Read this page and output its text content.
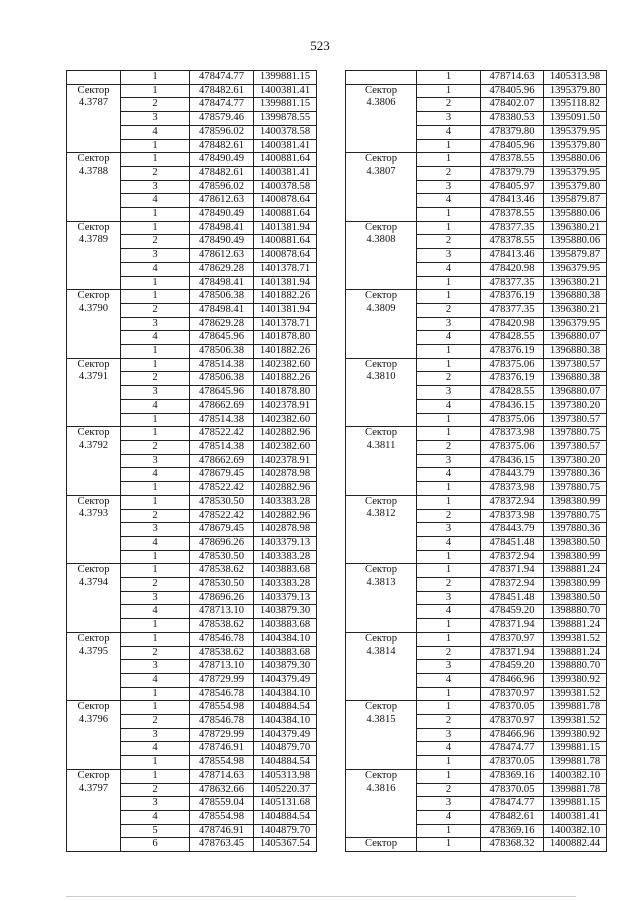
523
	1	478474.77	1399881.15

Сектор
4.3787	1	478482.61	1400381.41
	2	478474.77	1399881.15
	3	478579.46	1399878.55
	4	478596.02	1400378.58
	1	478482.61	1400381.41

Сектор
4.3788	1	478490.49	1400881.64
	2	478482.61	1400381.41
	3	478596.02	1400378.58
	4	478612.63	1400878.64
	1	478490.49	1400881.64

Сектор
4.3789	1	478498.41	1401381.94
	2	478490.49	1400881.64
	3	478612.63	1400878.64
	4	478629.28	1401378.71
	1	478498.41	1401381.94

Сектор
4.3790	1	478506.38	1401882.26
	2	478498.41	1401381.94
	3	478629.28	1401378.71
	4	478645.96	1401878.80
	1	478506.38	1401882.26

Сектор
4.3791	1	478514.38	1402382.60
	2	478506.38	1401882.26
	3	478645.96	1401878.80
	4	478662.69	1402378.91
	1	478514.38	1402382.60

Сектор
4.3792	1	478522.42	1402882.96
	2	478514.38	1402382.60
	3	478662.69	1402378.91
	4	478679.45	1402878.98
	1	478522.42	1402882.96

Сектор
4.3793	1	478530.50	1403383.28
	2	478522.42	1402882.96
	3	478679.45	1402878.98
	4	478696.26	1403379.13
	1	478530.50	1403383.28

Сектор
4.3794	1	478538.62	1403883.68
	2	478530.50	1403383.28
	3	478696.26	1403379.13
	4	478713.10	1403879.30
	1	478538.62	1403883.68

Сектор
4.3795	1	478546.78	1404384.10
	2	478538.62	1403883.68
	3	478713.10	1403879.30
	4	478729.99	1404379.49
	1	478546.78	1404384.10

Сектор
4.3796	1	478554.98	1404884.54
	2	478546.78	1404384.10
	3	478729.99	1404379.49
	4	478746.91	1404879.70
	1	478554.98	1404884.54

Сектор
4.3797	1	478714.63	1405313.98
	2	478632.66	1405220.37
	3	478559.04	1405131.68
	4	478554.98	1404884.54
	5	478746.91	1404879.70
	6	478763.45	1405367.54
	1	478714.63	1405313.98

Сектор
4.3806	1	478405.96	1395379.80
	2	478402.07	1395118.82
	3	478380.53	1395091.50
	4	478379.80	1395379.95
	1	478405.96	1395379.80

Сектор
4.3807	1	478378.55	1395880.06
	2	478379.79	1395379.95
	3	478405.97	1395379.80
	4	478413.46	1395879.87
	1	478378.55	1395880.06

Сектор
4.3808	1	478377.35	1396380.21
	2	478378.55	1395880.06
	3	478413.46	1395879.87
	4	478420.98	1396379.95
	1	478377.35	1396380.21

Сектор
4.3809	1	478376.19	1396880.38
	2	478377.35	1396380.21
	3	478420.98	1396379.95
	4	478428.55	1396880.07
	1	478376.19	1396880.38

Сектор
4.3810	1	478375.06	1397380.57
	2	478376.19	1396880.38
	3	478428.55	1396880.07
	4	478436.15	1397380.20
	1	478375.06	1397380.57

Сектор
4.3811	1	478373.98	1397880.75
	2	478375.06	1397380.57
	3	478436.15	1397380.20
	4	478443.79	1397880.36
	1	478373.98	1397880.75

Сектор
4.3812	1	478372.94	1398380.99
	2	478373.98	1397880.75
	3	478443.79	1397880.36
	4	478451.48	1398380.50
	1	478372.94	1398380.99

Сектор
4.3813	1	478371.94	1398881.24
	2	478372.94	1398380.99
	3	478451.48	1398380.50
	4	478459.20	1398880.70
	1	478371.94	1398881.24

Сектор
4.3814	1	478370.97	1399381.52
	2	478371.94	1398881.24
	3	478459.20	1398880.70
	4	478466.96	1399380.92
	1	478370.97	1399381.52

Сектор
4.3815	1	478370.05	1399881.78
	2	478370.97	1399381.52
	3	478466.96	1399380.92
	4	478474.77	1399881.15
	1	478370.05	1399881.78

Сектор
4.3816	1	478369.16	1400382.10
	2	478370.05	1399881.78
	3	478474.77	1399881.15
	4	478482.61	1400381.41
	1	478369.16	1400382.10

Сектор	1	478368.32	1400882.44
